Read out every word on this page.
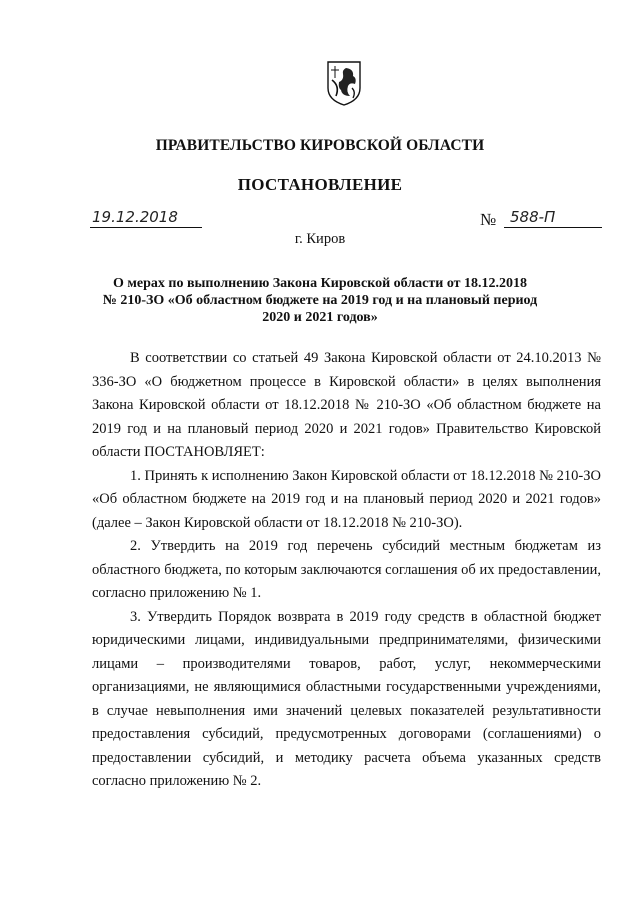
ПРАВИТЕЛЬСТВО КИРОВСКОЙ ОБЛАСТИ
ПОСТАНОВЛЕНИЕ
19.12.2018	№ 588-П
г. Киров
О мерах по выполнению Закона Кировской области от 18.12.2018
№ 210-ЗО «Об областном бюджете на 2019 год и на плановый период
2020 и 2021 годов»

В соответствии со статьей 49 Закона Кировской области от 24.10.2013 № 336-ЗО «О бюджетном процессе в Кировской области» в целях выполнения Закона Кировской области от 18.12.2018 № 210-ЗО «Об областном бюджете на 2019 год и на плановый период 2020 и 2021 годов» Правительство Кировской области ПОСТАНОВЛЯЕТ:

1. Принять к исполнению Закон Кировской области от 18.12.2018 № 210-ЗО «Об областном бюджете на 2019 год и на плановый период 2020 и 2021 годов» (далее – Закон Кировской области от 18.12.2018 № 210-ЗО).

2. Утвердить на 2019 год перечень субсидий местным бюджетам из областного бюджета, по которым заключаются соглашения об их предоставлении, согласно приложению № 1.

3. Утвердить Порядок возврата в 2019 году средств в областной бюджет юридическими лицами, индивидуальными предпринимателями, физическими лицами – производителями товаров, работ, услуг, некоммерческими организациями, не являющимися областными государственными учреждениями, в случае невыполнения ими значений целевых показателей результативности предоставления субсидий, предусмотренных договорами (соглашениями) о предоставлении субсидий, и методику расчета объема указанных средств согласно приложению № 2.
